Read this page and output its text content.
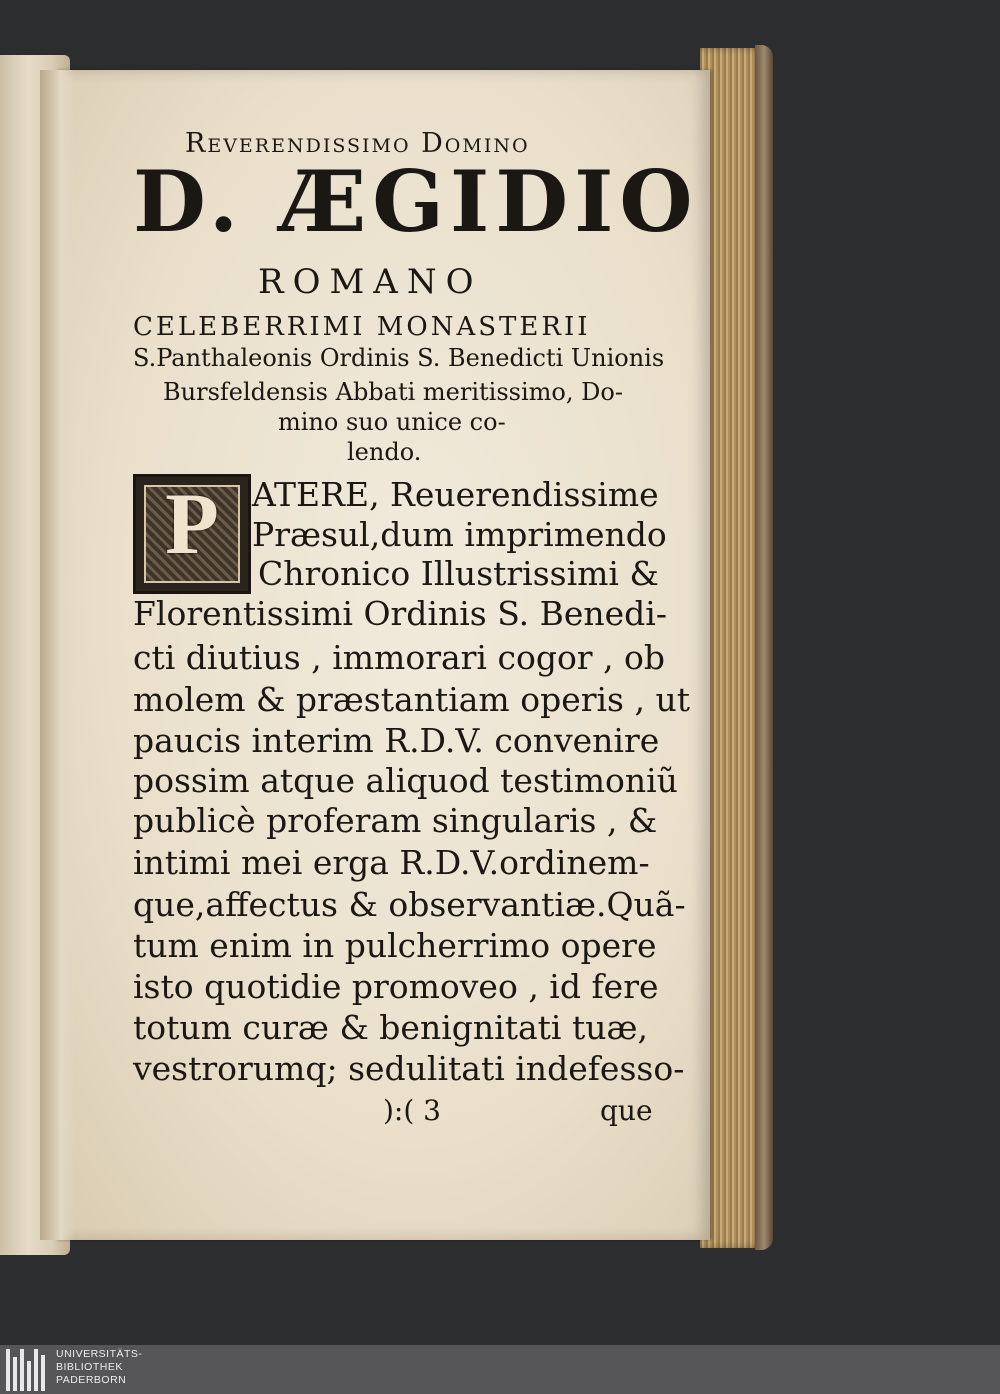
Reverendissimo Domino
D. ÆGIDIO
ROMANO
CELEBERRIMI MONASTERII
S.Panthaleonis Ordinis S. Benedicti Unionis
Bursfeldensis Abbati meritissimo, Do-
mino suo unice co-
lendo.
P	ATERE, Reuerendissime
Præsul,dum imprimendo
Chronico Illustrissimi &
Florentissimi Ordinis S. Benedi-
cti diutius , immorari cogor , ob
molem & præstantiam operis , ut
paucis interim R.D.V. convenire
possim atque aliquod testimoniũ
publicè proferam singularis , &
intimi mei erga R.D.V.ordinem-
que,affectus & observantiæ.Quã-
tum enim in pulcherrimo opere
isto quotidie promoveo , id fere
totum curæ & benignitati tuæ,
vestrorumq; sedulitati indefesso-
):( 3	que
UNIVERSITÄTS-
BIBLIOTHEK
PADERBORN
